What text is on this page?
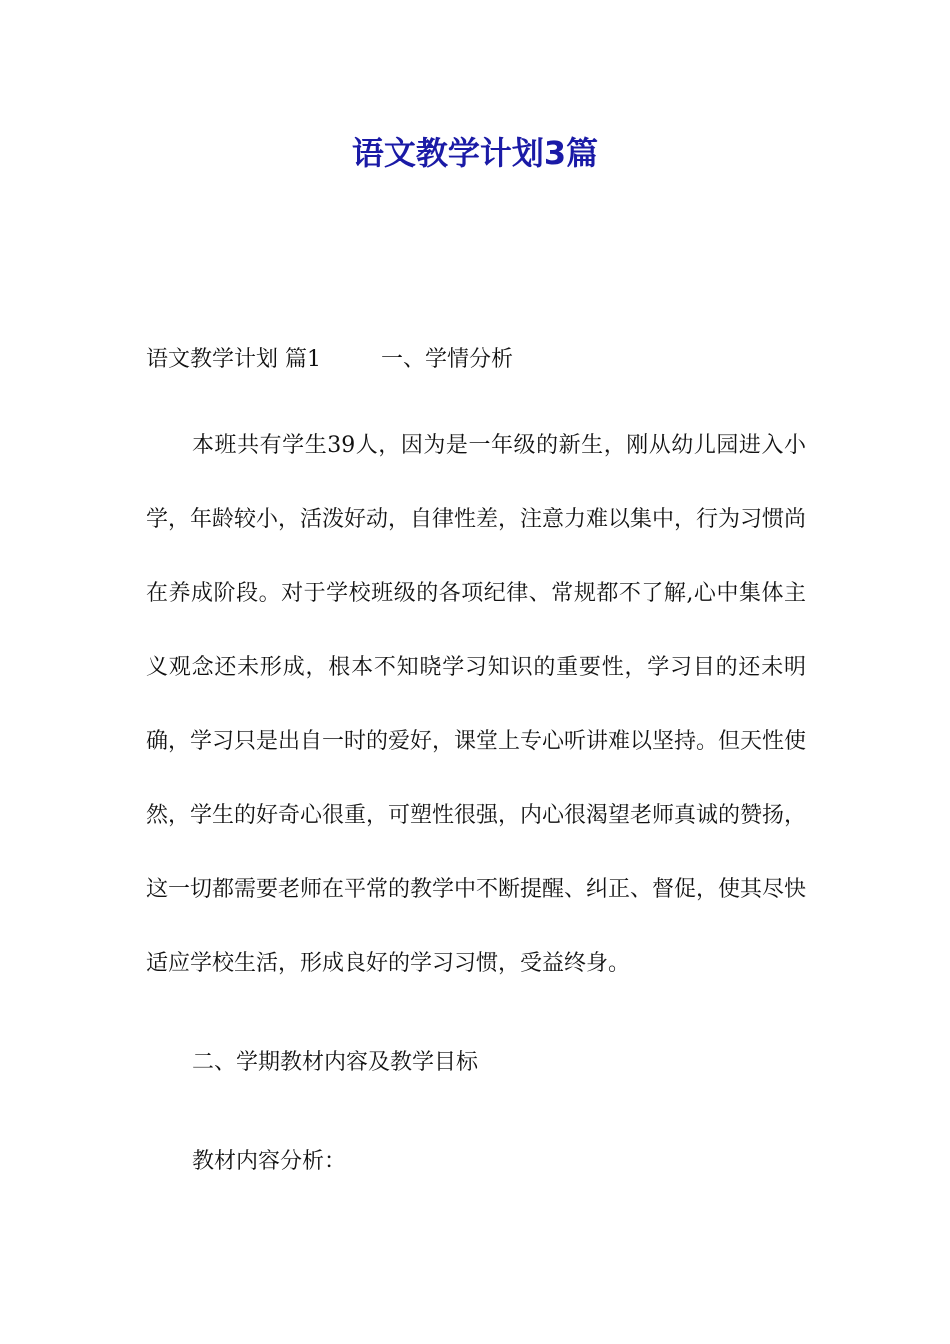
语文教学计划3篇
语文教学计划 篇1	一、学情分析

本班共有学生39人，因为是一年级的新生，刚从幼儿园进入小学，年龄较小，活泼好动，自律性差，注意力难以集中，行为习惯尚在养成阶段。对于学校班级的各项纪律、常规都不了解,心中集体主义观念还未形成，根本不知晓学习知识的重要性，学习目的还未明确，学习只是出自一时的爱好，课堂上专心听讲难以坚持。但天性使然，学生的好奇心很重，可塑性很强，内心很渴望老师真诚的赞扬，这一切都需要老师在平常的教学中不断提醒、纠正、督促，使其尽快适应学校生活，形成良好的学习习惯，受益终身。

二、学期教材内容及教学目标
教材内容分析：
